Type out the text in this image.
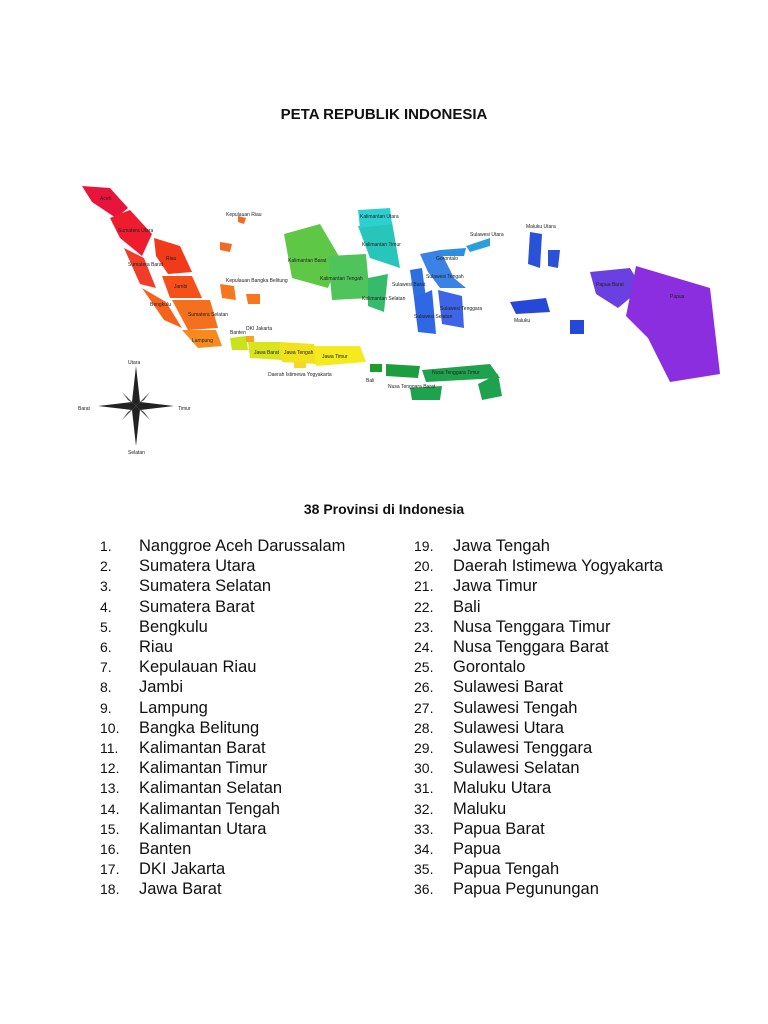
PETA REPUBLIK INDONESIA
Aceh
Sumatera Utara
Riau
Sumatera Barat
Jambi
Bengkulu
Sumatera Selatan
Lampung
Kepulauan Bangka Belitung
Kepulauan Riau
Banten
DKI Jakarta
Jawa Barat Jawa Tengah
Daerah Istimewa Yogyakarta
Jawa Timur
Bali
Nusa Tenggara Barat
Nusa Tenggara Timur
Kalimantan Barat
Kalimantan Tengah
Kalimantan Selatan
Kalimantan Timur
Kalimantan Utara
Sulawesi Utara
Gorontalo
Sulawesi Tengah
Sulawesi Barat
Sulawesi Selatan
Sulawesi Tenggara
Maluku Utara
Maluku
Papua Barat
Papua
Utara
Selatan
Barat	Timur
38 Provinsi di Indonesia
1.	Nanggroe Aceh Darussalam
2.	Sumatera Utara
3.	Sumatera Selatan
4.	Sumatera Barat
5.	Bengkulu
6.	Riau
7.	Kepulauan Riau
8.	Jambi
9.	Lampung
10.	Bangka Belitung
11.	Kalimantan Barat
12.	Kalimantan Timur
13.	Kalimantan Selatan
14.	Kalimantan Tengah
15.	Kalimantan Utara
16.	Banten
17.	DKI Jakarta
18.	Jawa Barat
19.	Jawa Tengah
20.	Daerah Istimewa Yogyakarta
21.	Jawa Timur
22.	Bali
23.	Nusa Tenggara Timur
24.	Nusa Tenggara Barat
25.	Gorontalo
26.	Sulawesi Barat
27.	Sulawesi Tengah
28.	Sulawesi Utara
29.	Sulawesi Tenggara
30.	Sulawesi Selatan
31.	Maluku Utara
32.	Maluku
33.	Papua Barat
34.	Papua
35.	Papua Tengah
36.	Papua Pegunungan
